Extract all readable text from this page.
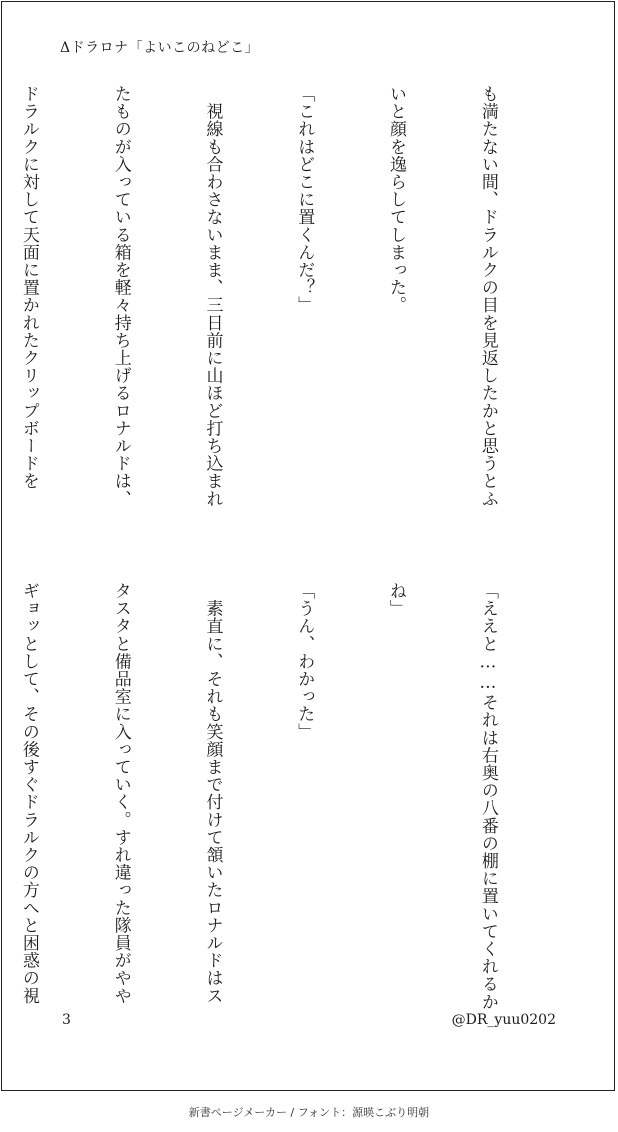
Δドラロナ「よいこのねどこ」

も満たない間、ドラルクの目を見返したかと思うとふ

いと顔を逸らしてしまった。

「これはどこに置くんだ？」

　視線も合わさないまま、三日前に山ほど打ち込まれ

たものが入っている箱を軽々持ち上げるロナルドは、

ドラルクに対して天面に置かれたクリップボードを

「ええと……それは右奥の八番の棚に置いてくれるか

ね」

「うん、わかった」

　素直に、それも笑顔まで付けて頷いたロナルドはス

タスタと備品室に入っていく。すれ違った隊員がやや

ギョッとして、その後すぐドラルクの方へと困惑の視

3	@DR_yuu0202
新書ページメーカー / フォント：源暎こぶり明朝
